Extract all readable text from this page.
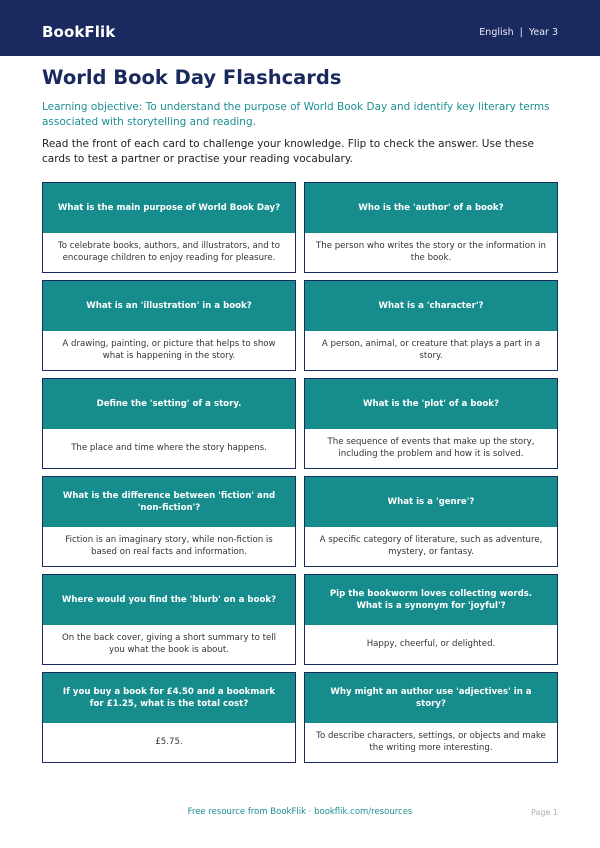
BookFlik	English | Year 3
World Book Day Flashcards

Learning objective: To understand the purpose of World Book Day and identify key literary terms associated with storytelling and reading.

Read the front of each card to challenge your knowledge. Flip to check the answer. Use these cards to test a partner or practise your reading vocabulary.

What is the main purpose of World Book Day?
To celebrate books, authors, and illustrators, and to encourage children to enjoy reading for pleasure.
Who is the 'author' of a book?
The person who writes the story or the information in the book.
What is an 'illustration' in a book?
A drawing, painting, or picture that helps to show what is happening in the story.
What is a 'character'?
A person, animal, or creature that plays a part in a story.
Define the 'setting' of a story.
The place and time where the story happens.
What is the 'plot' of a book?
The sequence of events that make up the story, including the problem and how it is solved.
What is the difference between 'fiction' and 'non-fiction'?
Fiction is an imaginary story, while non-fiction is based on real facts and information.
What is a 'genre'?
A specific category of literature, such as adventure, mystery, or fantasy.
Where would you find the 'blurb' on a book?
On the back cover, giving a short summary to tell you what the book is about.
Pip the bookworm loves collecting words. What is a synonym for 'joyful'?
Happy, cheerful, or delighted.
If you buy a book for £4.50 and a bookmark for £1.25, what is the total cost?
£5.75.
Why might an author use 'adjectives' in a story?
To describe characters, settings, or objects and make the writing more interesting.
Free resource from BookFlik · bookflik.com/resources	Page 1
